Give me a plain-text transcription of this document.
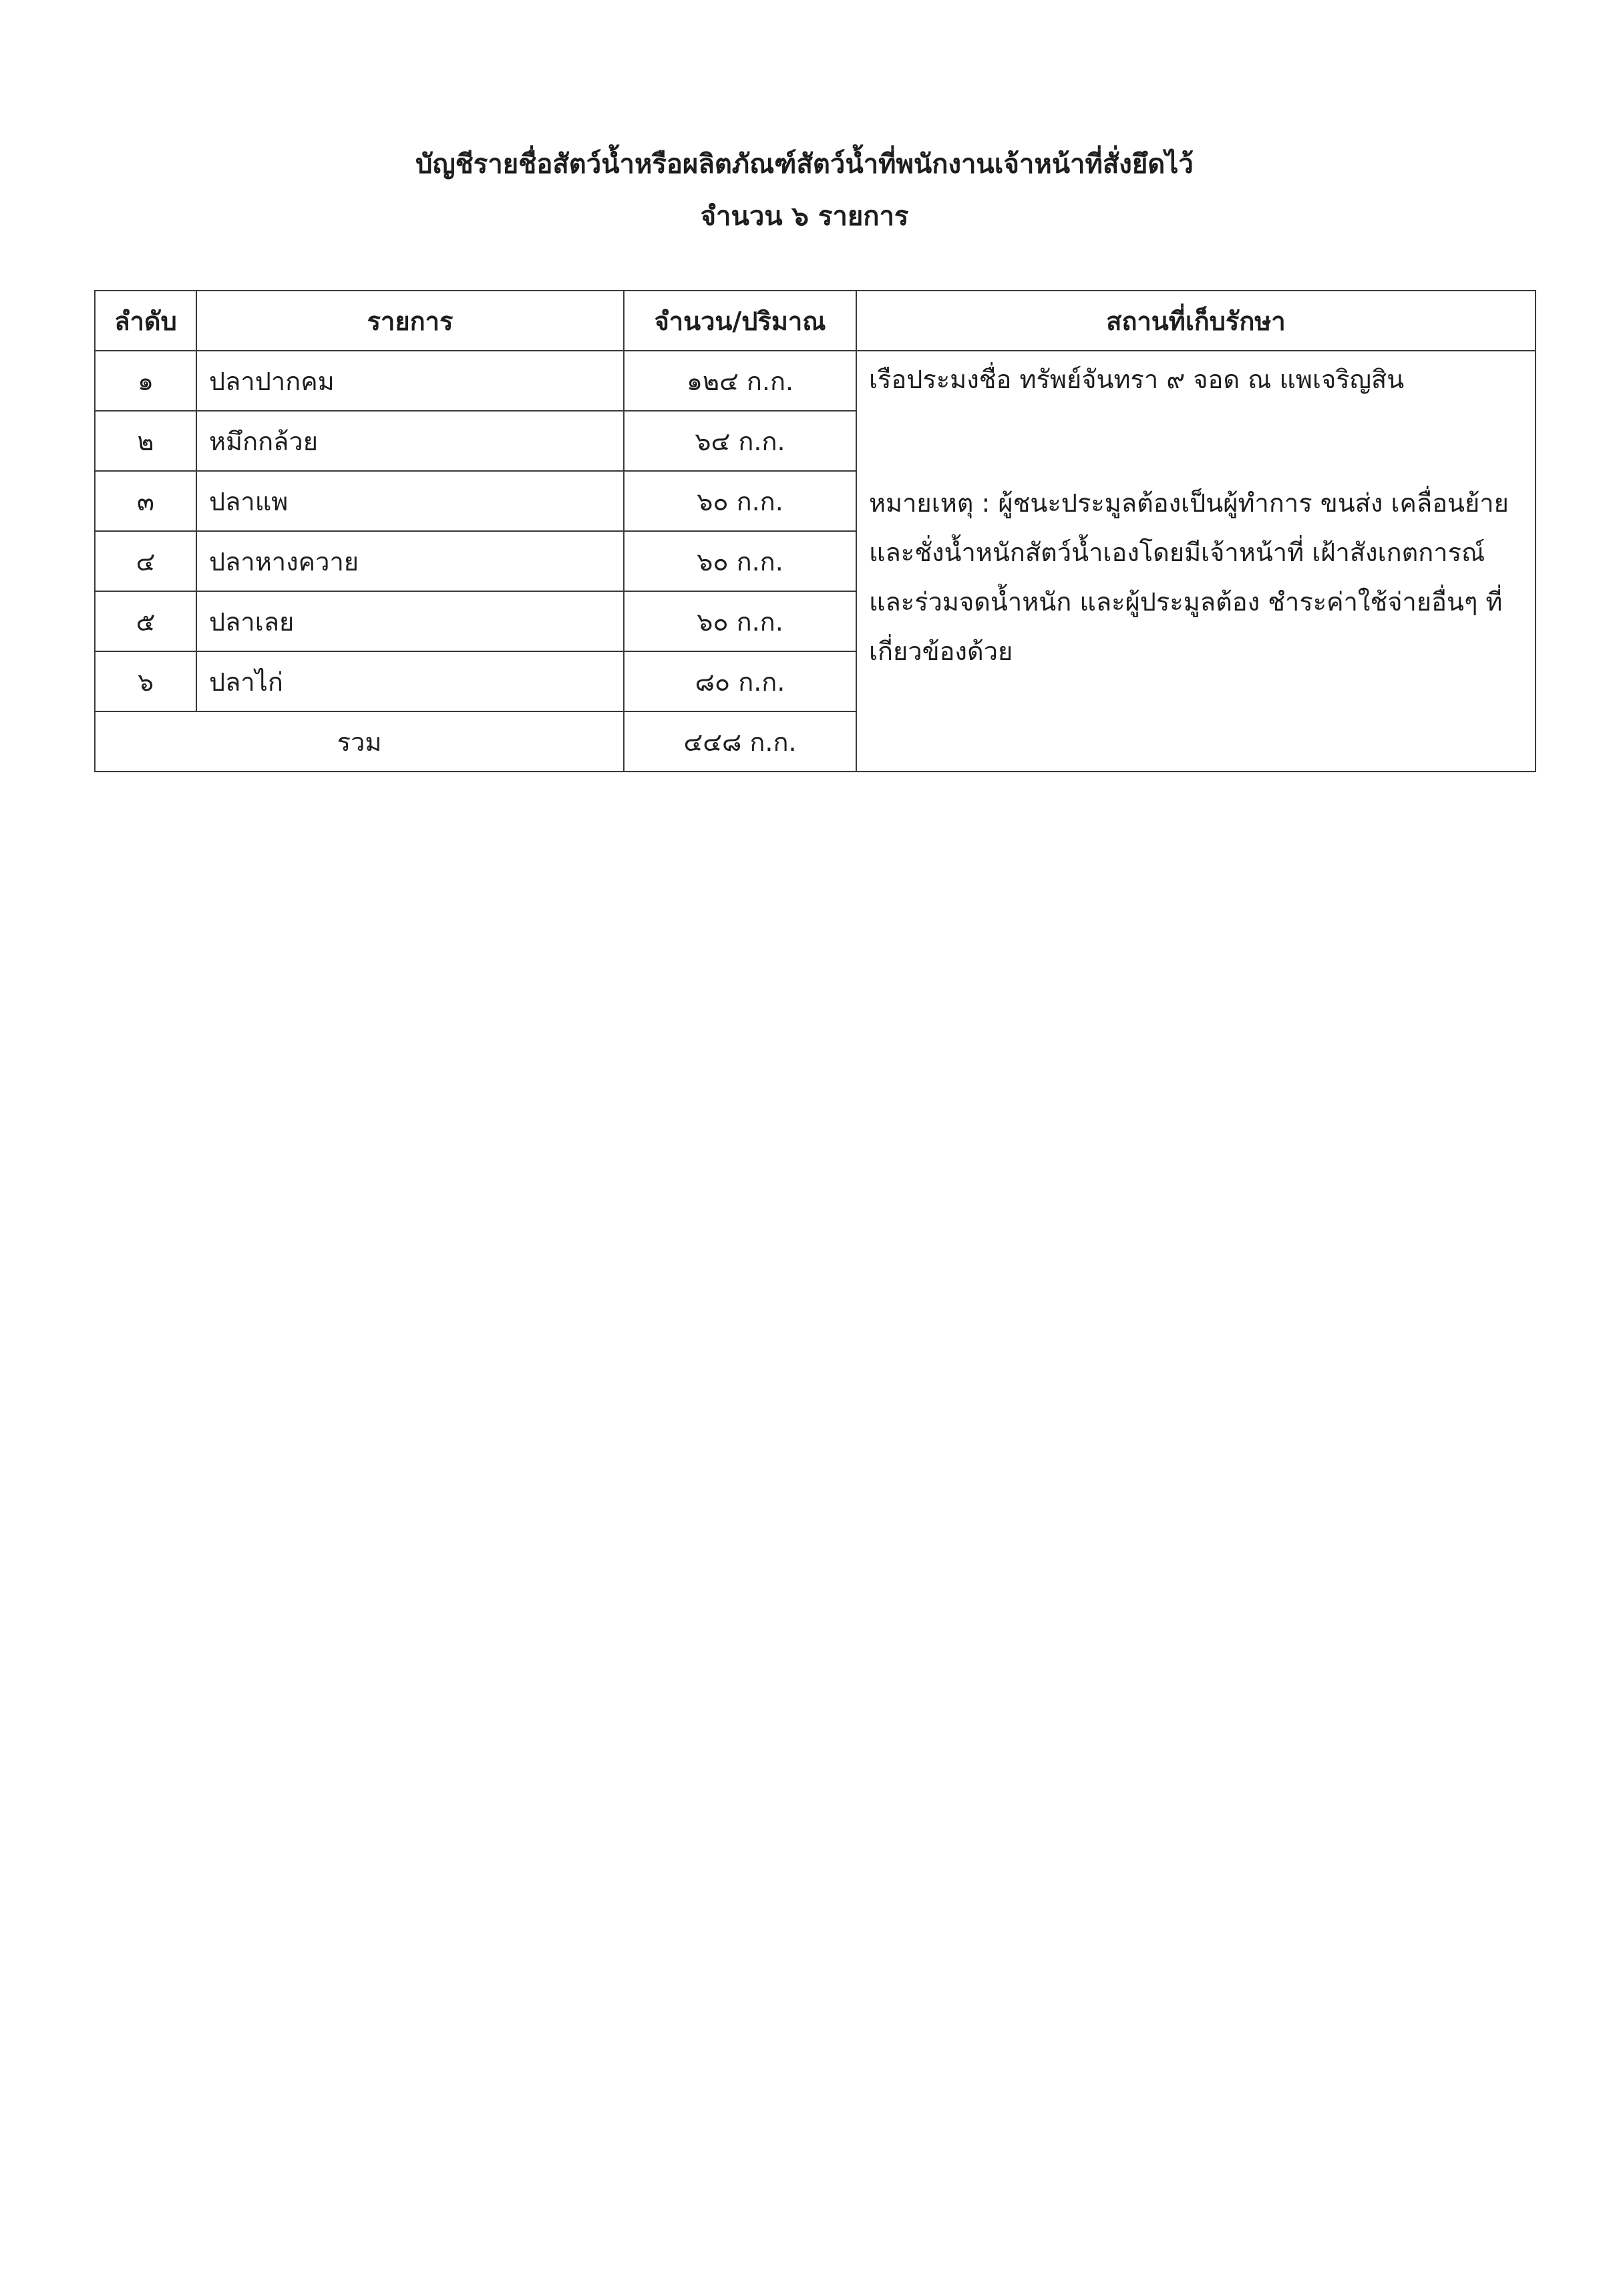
บัญชีรายชื่อสัตว์น้ำหรือผลิตภัณฑ์สัตว์น้ำที่พนักงานเจ้าหน้าที่สั่งยึดไว้
จำนวน ๖ รายการ
ลำดับ	รายการ	จำนวน/ปริมาณ	สถานที่เก็บรักษา
๑	ปลาปากคม	๑๒๔ ก.ก.	เรือประมงชื่อ ทรัพย์จันทรา ๙ จอด ณ แพเจริญสิน
หมายเหตุ : ผู้ชนะประมูลต้องเป็นผู้ทำการ ขนส่ง เคลื่อนย้าย และชั่งน้ำหนักสัตว์น้ำเองโดยมีเจ้าหน้าที่ เฝ้าสังเกตการณ์ และร่วมจดน้ำหนัก และผู้ประมูลต้อง ชำระค่าใช้จ่ายอื่นๆ ที่เกี่ยวข้องด้วย

๒	หมึกกล้วย	๖๔ ก.ก.	
๓	ปลาแพ	๖๐ ก.ก.	
๔	ปลาหางควาย	๖๐ ก.ก.	
๕	ปลาเลย	๖๐ ก.ก.	
๖	ปลาไก่	๘๐ ก.ก.	
รวม		๔๔๘ ก.ก.	
